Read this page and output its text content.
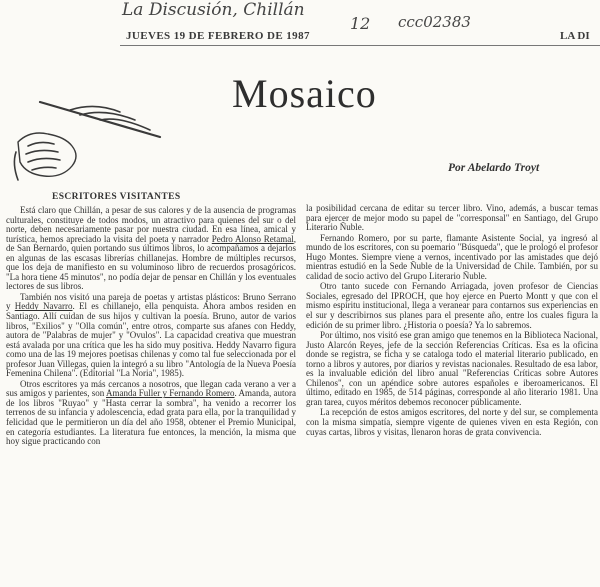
La Discusión, Chillán
12 ccc02383
JUEVES 19 DE FEBRERO DE 1987	LA DI
Mosaico
Por Abelardo Troyt
ESCRITORES VISITANTES

Está claro que Chillán, a pesar de sus calores y de la ausencia de programas culturales, constituye de todos modos, un atractivo para quienes del sur o del norte, deben necesariamente pasar por nuestra ciudad. En esa línea, amical y turística, hemos apreciado la visita del poeta y narrador Pedro Alonso Retamal, de San Bernardo, quien portando sus últimos libros, lo acompañamos a dejarlos en algunas de las escasas librerías chillanejas. Hombre de múltiples recursos, que los deja de manifiesto en su voluminoso libro de recuerdos prosagóricos. "La hora tiene 45 minutos", no podía dejar de pensar en Chillán y los eventuales lectores de sus libros.

También nos visitó una pareja de poetas y artistas plásticos: Bruno Serrano y Heddy Navarro. El es chillanejo, ella penquista. Ahora ambos residen en Santiago. Allí cuidan de sus hijos y cultivan la poesía. Bruno, autor de varios libros, "Exilios" y "Olla común", entre otros, comparte sus afanes con Heddy, autora de "Palabras de mujer" y "Ovulos". La capacidad creativa que muestran está avalada por una crítica que les ha sido muy positiva. Heddy Navarro figura como una de las 19 mejores poetisas chilenas y como tal fue seleccionada por el profesor Juan Villegas, quien la integró a su libro "Antología de la Nueva Poesía Femenina Chilena". (Editorial "La Noria", 1985).

Otros escritores ya más cercanos a nosotros, que llegan cada verano a ver a sus amigos y parientes, son Amanda Fuller y Fernando Romero. Amanda, autora de los libros "Ruyao" y "Hasta cerrar la sombra", ha venido a recorrer los terrenos de su infancia y adolescencia, edad grata para ella, por la tranquilidad y felicidad que le permitieron un día del año 1958, obtener el Premio Municipal, en categoría estudiantes. La literatura fue entonces, la mención, la misma que hoy sigue practicando con

la posibilidad cercana de editar su tercer libro. Vino, además, a buscar temas para ejercer de mejor modo su papel de "corresponsal" en Santiago, del Grupo Literario Ñuble.

Fernando Romero, por su parte, flamante Asistente Social, ya ingresó al mundo de los escritores, con su poemario "Búsqueda", que le prologó el profesor Hugo Montes. Siempre viene a vernos, incentivado por las amistades que dejó mientras estudió en la Sede Ñuble de la Universidad de Chile. También, por su calidad de socio activo del Grupo Literario Ñuble.

Otro tanto sucede con Fernando Arriagada, joven profesor de Ciencias Sociales, egresado del IPROCH, que hoy ejerce en Puerto Montt y que con el mismo espíritu institucional, llega a veranear para contarnos sus experiencias en el sur y describirnos sus planes para el presente año, entre los cuales figura la edición de su primer libro. ¿Historia o poesía? Ya lo sabremos.

Por último, nos visitó ese gran amigo que tenemos en la Biblioteca Nacional, Justo Alarcón Reyes, jefe de la sección Referencias Críticas. Esa es la oficina donde se registra, se ficha y se cataloga todo el material literario publicado, en torno a libros y autores, por diarios y revistas nacionales. Resultado de esa labor, es la invaluable edición del libro anual "Referencias Críticas sobre Autores Chilenos", con un apéndice sobre autores españoles e iberoamericanos. El último, editado en 1985, de 514 páginas, corresponde al año literario 1981. Una gran tarea, cuyos méritos debemos reconocer públicamente.

La recepción de estos amigos escritores, del norte y del sur, se complementa con la misma simpatía, siempre vigente de quienes viven en esta Región, con cuyas cartas, libros y visitas, llenaron horas de grata convivencia.
